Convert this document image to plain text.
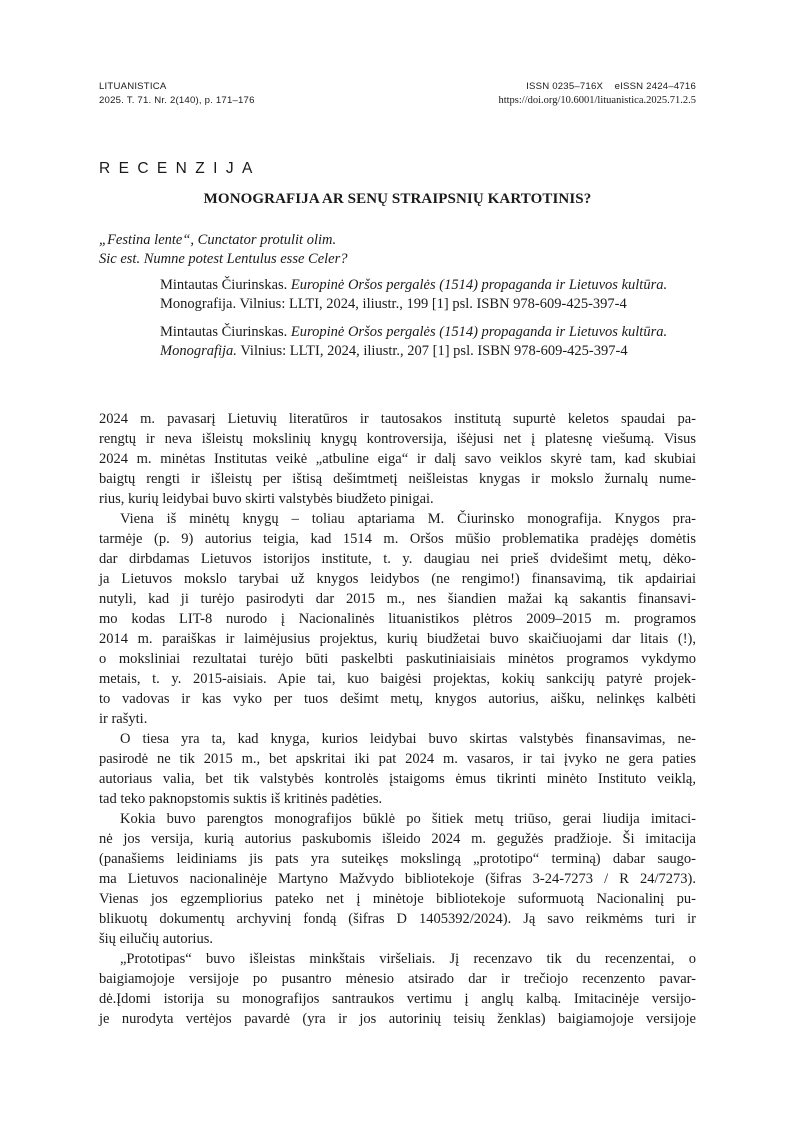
LITUANISTICA
2025. T. 71. Nr. 2(140), p. 171–176
ISSN 0235–716X eISSN 2424–4716
https://doi.org/10.6001/lituanistica.2025.71.2.5
RECENZIJA
MONOGRAFIJA AR SENŲ STRAIPSNIŲ KARTOTINIS?
„Festina lente“, Cunctator protulit olim.
Sic est. Numne potest Lentulus esse Celer?
Mintautas Čiurinskas. Europinė Oršos pergalės (1514) propaganda ir Lietuvos kultūra.
Monografija. Vilnius: LLTI, 2024, iliustr., 199 [1] psl. ISBN 978-609-425-397-4
Mintautas Čiurinskas. Europinė Oršos pergalės (1514) propaganda ir Lietuvos kultūra.
Monografija. Vilnius: LLTI, 2024, iliustr., 207 [1] psl. ISBN 978-609-425-397-4
2024 m. pavasarį Lietuvių literatūros ir tautosakos institutą supurtė keletos spaudai pa-
rengtų ir neva išleistų mokslinių knygų kontroversija, išėjusi net į platesnę viešumą. Visus
2024 m. minėtas Institutas veikė „atbuline eiga“ ir dalį savo veiklos skyrė tam, kad skubiai
baigtų rengti ir išleistų per ištisą dešimtmetį neišleistas knygas ir mokslo žurnalų nume-
rius, kurių leidybai buvo skirti valstybės biudžeto pinigai.
Viena iš minėtų knygų – toliau aptariama M. Čiurinsko monografija. Knygos pra-
tarmėje (p. 9) autorius teigia, kad 1514 m. Oršos mūšio problematika pradėjęs domėtis
dar dirbdamas Lietuvos istorijos institute, t. y. daugiau nei prieš dvidešimt metų, dėko-
ja Lietuvos mokslo tarybai už knygos leidybos (ne rengimo!) finansavimą, tik apdairiai
nutyli, kad ji turėjo pasirodyti dar 2015 m., nes šiandien mažai ką sakantis finansavi-
mo kodas LIT-8 nurodo į Nacionalinės lituanistikos plėtros 2009–2015 m. programos
2014 m. paraiškas ir laimėjusius projektus, kurių biudžetai buvo skaičiuojami dar litais (!),
o moksliniai rezultatai turėjo būti paskelbti paskutiniaisiais minėtos programos vykdymo
metais, t. y. 2015-aisiais. Apie tai, kuo baigėsi projektas, kokių sankcijų patyrė projek-
to vadovas ir kas vyko per tuos dešimt metų, knygos autorius, aišku, nelinkęs kalbėti
ir rašyti.
O tiesa yra ta, kad knyga, kurios leidybai buvo skirtas valstybės finansavimas, ne-
pasirodė ne tik 2015 m., bet apskritai iki pat 2024 m. vasaros, ir tai įvyko ne gera paties
autoriaus valia, bet tik valstybės kontrolės įstaigoms ėmus tikrinti minėto Instituto veiklą,
tad teko paknopstomis suktis iš kritinės padėties.
Kokia buvo parengtos monografijos būklė po šitiek metų triūso, gerai liudija imitaci-
nė jos versija, kurią autorius paskubomis išleido 2024 m. gegužės pradžioje. Ši imitacija
(panašiems leidiniams jis pats yra suteikęs mokslingą „prototipo“ terminą) dabar saugo-
ma Lietuvos nacionalinėje Martyno Mažvydo bibliotekoje (šifras 3-24-7273 / R 24/7273).
Vienas jos egzempliorius pateko net į minėtoje bibliotekoje suformuotą Nacionalinį pu-
blikuotų dokumentų archyvinį fondą (šifras D 1405392/2024). Ją savo reikmėms turi ir
šių eilučių autorius.
„Prototipas“ buvo išleistas minkštais viršeliais. Jį recenzavo tik du recenzentai, o
baigiamojoje versijoje po pusantro mėnesio atsirado dar ir trečiojo recenzento pavar-
dė.Įdomi istorija su monografijos santraukos vertimu į anglų kalbą. Imitacinėje versijo-
je nurodyta vertėjos pavardė (yra ir jos autorinių teisių ženklas) baigiamojoje versijoje
